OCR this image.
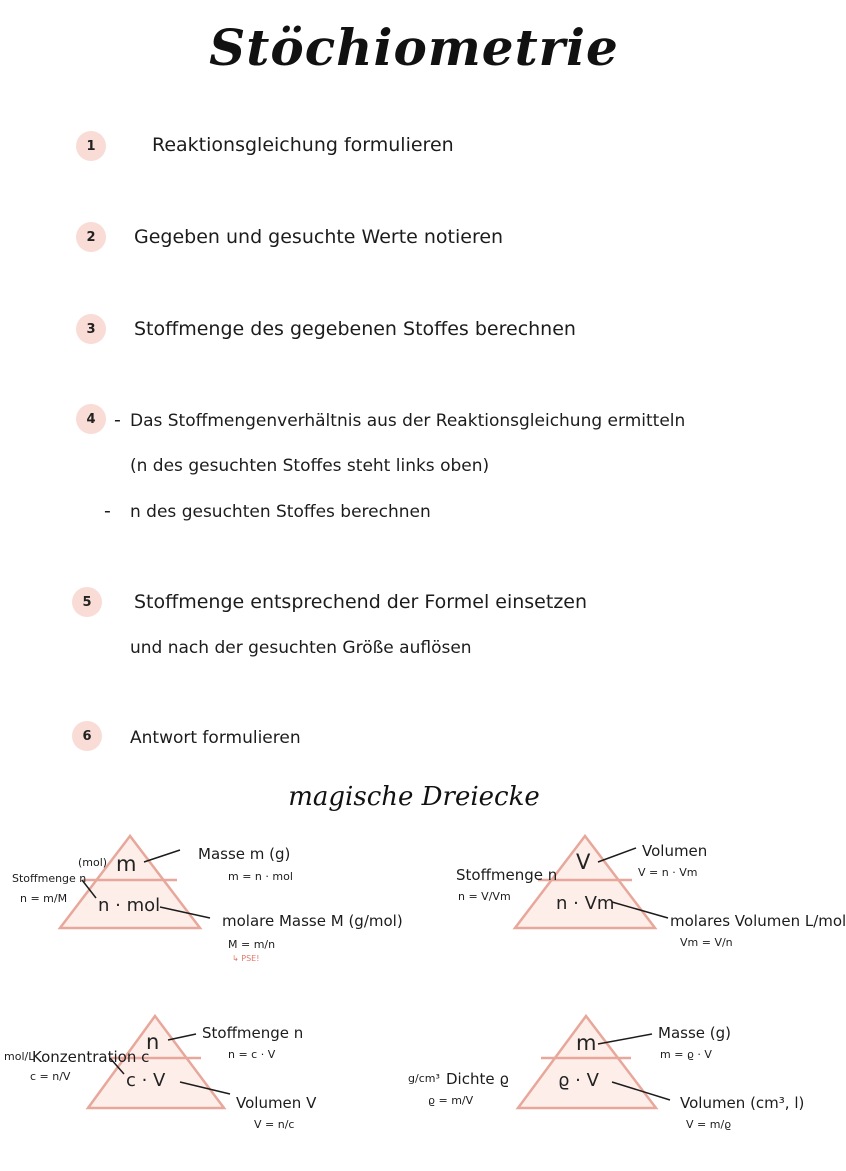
Stöchiometrie
1	Reaktionsgleichung formulieren
2	Gegeben und gesuchte Werte notieren
3	Stoffmenge des gegebenen Stoffes berechnen
4 - Das Stoffmengenverhältnis aus der Reaktionsgleichung ermitteln
(n des gesuchten Stoffes steht links oben)
- n des gesuchten Stoffes berechnen
5	Stoffmenge entsprechend der Formel einsetzen
und nach der gesuchten Größe auflösen
6	Antwort formulieren
magische Dreiecke
m
(mol)
n · mol
Stoffmenge n
n = m/M
Masse m (g)
m = n · mol
molare Masse M (g/mol)
M = m/n
↳ PSE!
V
n · Vm
Stoffmenge n
n = V/Vm
Volumen
V = n · Vm
molares Volumen L/mol
Vm = V/n
n
c · V
mol/L
Konzentration c
c = n/V
Stoffmenge n
n = c · V
Volumen V
V = n/c
m
ϱ · V
g/cm³ Dichte ϱ
ϱ = m/V
Masse (g)
m = ϱ · V
Volumen (cm³, l)
V = m/ϱ
